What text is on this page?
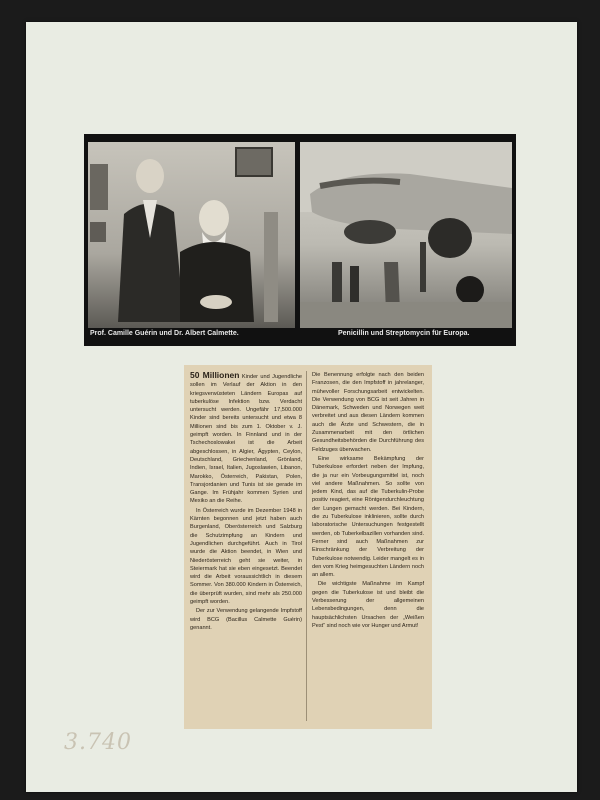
Prof. Camille Guérin und Dr. Albert Calmette.	Penicillin und Streptomycin für Europa.

50 Millionen Kinder und Jugendliche sollen im Verlauf der Aktion in den kriegsverwüsteten Ländern Europas auf tuberkulöse Infektion bzw. Verdacht untersucht werden. Ungefähr 17,500.000 Kinder sind bereits untersucht und etwa 8 Millionen sind bis zum 1. Oktober v. J. geimpft worden. In Finnland und in der Tschechoslowakei ist die Arbeit abgeschlossen, in Algier, Ägypten, Ceylon, Deutschland, Griechenland, Grönland, Indien, Israel, Italien, Jugoslawien, Libanon, Marokko, Österreich, Pakistan, Polen, Transjordanien und Tunis ist sie gerade im Gange. Im Frühjahr kommen Syrien und Mexiko an die Reihe.

In Österreich wurde im Dezember 1948 in Kärnten begonnen und jetzt haben auch Burgenland, Oberösterreich und Salzburg die Schutzimpfung an Kindern und Jugendlichen durchgeführt. Auch in Tirol wurde die Aktion beendet, in Wien und Niederösterreich geht sie weiter, in Steiermark hat sie eben eingesetzt. Beendet wird die Arbeit voraussichtlich in diesem Sommer. Von 380.000 Kindern in Österreich, die überprüft wurden, sind mehr als 250.000 geimpft worden.

Der zur Verwendung gelangende Impfstoff wird BCG (Bacillus Calmette Guérin) genannt.

Die Benennung erfolgte nach den beiden Franzosen, die den Impfstoff in jahrelanger, mühevoller Forschungsarbeit entwickelten. Die Verwendung von BCG ist seit Jahren in Dänemark, Schweden und Norwegen weit verbreitet und aus diesen Ländern kommen auch die Ärzte und Schwestern, die in Zusammenarbeit mit den örtlichen Gesundheitsbehörden die Durchführung des Feldzuges überwachen.

Eine wirksame Bekämpfung der Tuberkulose erfordert neben der Impfung, die ja nur ein Vorbeugungsmittel ist, noch viel andere Maßnahmen. So sollte von jedem Kind, das auf die Tuberkulin-Probe positiv reagiert, eine Röntgendurchleuchtung der Lungen gemacht werden. Bei Kindern, die zu Tuberkulose inklinieren, sollte durch laboratorische Untersuchungen festgestellt werden, ob Tuberkelbazillen vorhanden sind. Ferner sind auch Maßnahmen zur Einschränkung der Verbreitung der Tuberkulose notwendig. Leider mangelt es in den vom Krieg heimgesuchten Ländern noch an allem.

Die wichtigste Maßnahme im Kampf gegen die Tuberkulose ist und bleibt die Verbesserung der allgemeinen Lebensbedingungen, denn die hauptsächlichsten Ursachen der „Weißen Pest“ sind noch wie vor Hunger und Armut!

3.740
